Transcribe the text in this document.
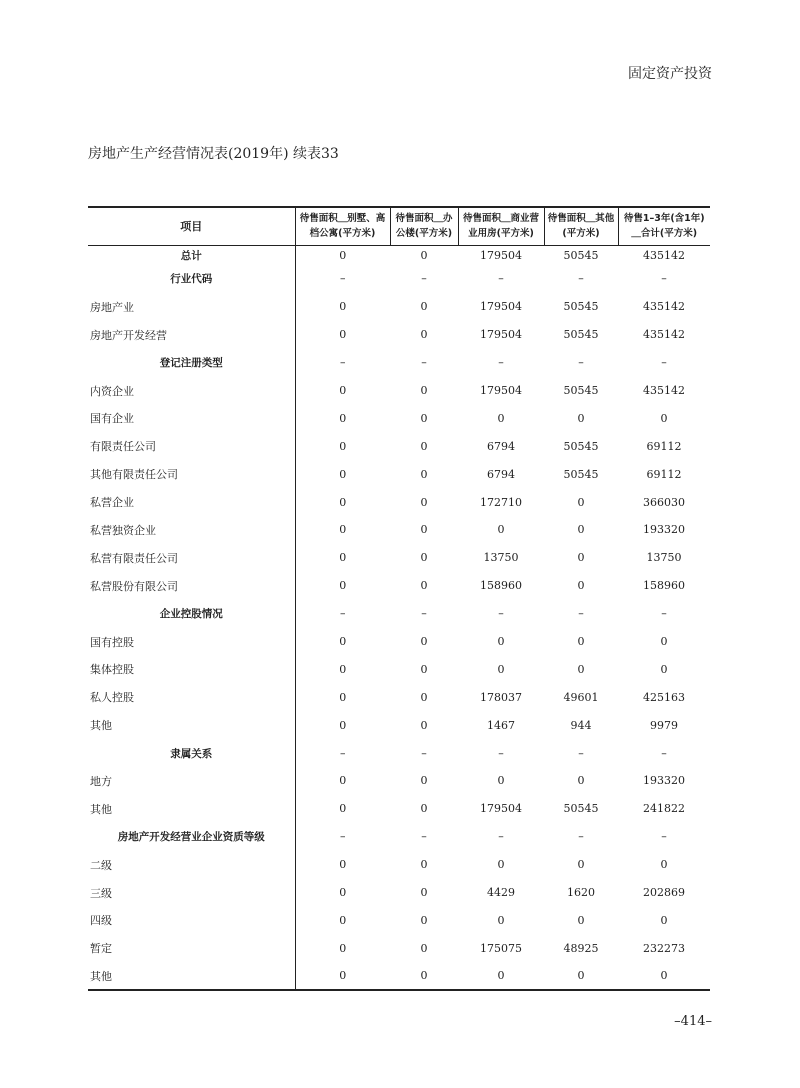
固定资产投资
房地产生产经营情况表(2019年) 续表33
项目	待售面积＿别墅、高档公寓(平方米)	待售面积＿办公楼(平方米)	待售面积＿商业营业用房(平方米)	待售面积＿其他(平方米)	待售1–3年(含1年)＿合计(平方米)
总计	0	0	179504	50545	435142
行业代码	–	–	–	–	–
房地产业	0	0	179504	50545	435142
房地产开发经营	0	0	179504	50545	435142
登记注册类型	–	–	–	–	–
内资企业	0	0	179504	50545	435142
国有企业	0	0	0	0	0
有限责任公司	0	0	6794	50545	69112
其他有限责任公司	0	0	6794	50545	69112
私营企业	0	0	172710	0	366030
私营独资企业	0	0	0	0	193320
私营有限责任公司	0	0	13750	0	13750
私营股份有限公司	0	0	158960	0	158960
企业控股情况	–	–	–	–	–
国有控股	0	0	0	0	0
集体控股	0	0	0	0	0
私人控股	0	0	178037	49601	425163
其他	0	0	1467	944	9979
隶属关系	–	–	–	–	–
地方	0	0	0	0	193320
其他	0	0	179504	50545	241822
房地产开发经营业企业资质等级	–	–	–	–	–
二级	0	0	0	0	0
三级	0	0	4429	1620	202869
四级	0	0	0	0	0
暂定	0	0	175075	48925	232273
其他	0	0	0	0	0
–414–
